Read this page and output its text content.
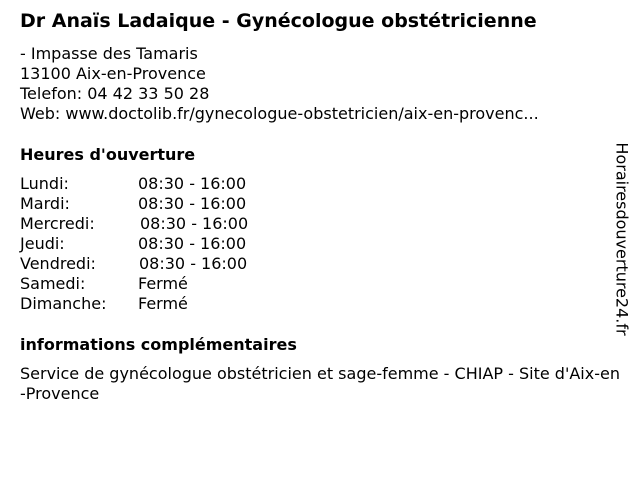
Dr Anaïs Ladaique - Gynécologue obstétricienne
- Impasse des Tamaris
13100 Aix-en-Provence
Telefon: 04 42 33 50 28
Web: www.doctolib.fr/gynecologue-obstetricien/aix-en-provenc...
Heures d'ouverture
Lundi:	08:30 - 16:00
Mardi:	08:30 - 16:00
Mercredi:	08:30 - 16:00
Jeudi:	08:30 - 16:00
Vendredi:	08:30 - 16:00
Samedi:	Fermé
Dimanche: Fermé
informations complémentaires
Service de gynécologue obstétricien et sage-femme - CHIAP - Site d'Aix-en-Provence
Horairesdouverture24.fr
